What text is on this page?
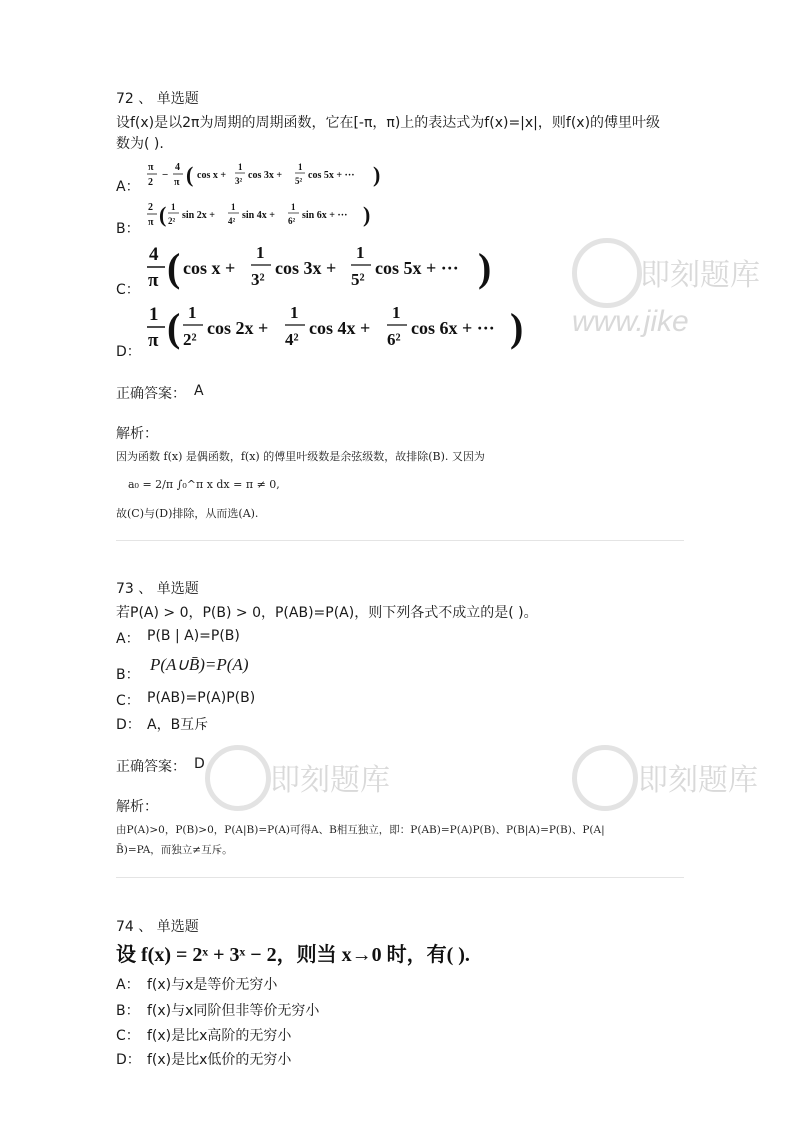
即刻题库
www.jike
即刻题库	即刻题库
72 、 单选题
设f(x)是以2π为周期的周期函数，它在[-π，π)上的表达式为f(x)=|x|，则f(x)的傅里叶级
数为( ).
A：
π
2
−
4
π ( cos x +
1
3² cos 3x +
1
5² cos 5x + ··· )
B：
2
π ( 1
2² sin 2x +
1
4² sin 4x +
1
6² sin 6x + ··· )
C：
4
π ( cos x +
1
3²
cos 3x +
1
5²
cos 5x + ··· )
D：
1
π ( 1
2²
cos 2x +
1
4²
cos 4x +
1
6²
cos 6x + ··· )
正确答案： A
解析：
因为函数 f(x) 是偶函数，f(x) 的傅里叶级数是余弦级数，故排除(B). 又因为
a₀ = 2/π ∫₀^π x dx = π ≠ 0,
故(C)与(D)排除，从而选(A).
73 、 单选题
若P(A) > 0，P(B) > 0，P(AB)=P(A)，则下列各式不成立的是( )。
A： P(B | A)=P(B)
B：
P(A∪B̄)=P(A)
C： P(AB)=P(A)P(B)
D： A，B互斥
正确答案： D
解析：
由P(A)>0，P(B)>0，P(A|B)=P(A)可得A、B相互独立，即：P(AB)=P(A)P(B)、P(B|A)=P(B)、P(A|
B̄)=PA，而独立≠互斥。
74 、 单选题
设 f(x) = 2ˣ + 3ˣ − 2，则当 x→0 时，有( ).
A： f(x)与x是等价无穷小
B： f(x)与x同阶但非等价无穷小
C： f(x)是比x高阶的无穷小
D： f(x)是比x低价的无穷小
